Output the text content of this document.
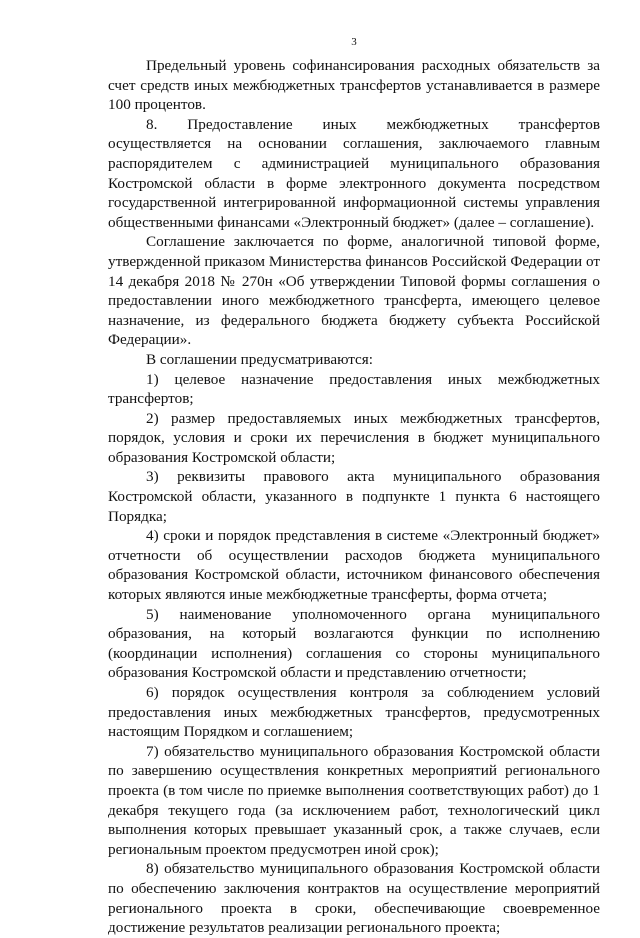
3

Предельный уровень софинансирования расходных обязательств за счет средств иных межбюджетных трансфертов устанавливается в размере 100 процентов.

8. Предоставление иных межбюджетных трансфертов осуществляется на основании соглашения, заключаемого главным распорядителем с администрацией муниципального образования Костромской области в форме электронного документа посредством государственной интегрированной информационной системы управления общественными финансами «Электронный бюджет» (далее – соглашение).

Соглашение заключается по форме, аналогичной типовой форме, утвержденной приказом Министерства финансов Российской Федерации от 14 декабря 2018 № 270н «Об утверждении Типовой формы соглашения о предоставлении иного межбюджетного трансферта, имеющего целевое назначение, из федерального бюджета бюджету субъекта Российской Федерации».

В соглашении предусматриваются:

1) целевое назначение предоставления иных межбюджетных трансфертов;

2) размер предоставляемых иных межбюджетных трансфертов, порядок, условия и сроки их перечисления в бюджет муниципального образования Костромской области;

3) реквизиты правового акта муниципального образования Костромской области, указанного в подпункте 1 пункта 6 настоящего Порядка;

4) сроки и порядок представления в системе «Электронный бюджет» отчетности об осуществлении расходов бюджета муниципального образования Костромской области, источником финансового обеспечения которых являются иные межбюджетные трансферты, форма отчета;

5) наименование уполномоченного органа муниципального образования, на который возлагаются функции по исполнению (координации исполнения) соглашения со стороны муниципального образования Костромской области и представлению отчетности;

6) порядок осуществления контроля за соблюдением условий предоставления иных межбюджетных трансфертов, предусмотренных настоящим Порядком и соглашением;

7) обязательство муниципального образования Костромской области по завершению осуществления конкретных мероприятий регионального проекта (в том числе по приемке выполнения соответствующих работ) до 1 декабря текущего года (за исключением работ, технологический цикл выполнения которых превышает указанный срок, а также случаев, если региональным проектом предусмотрен иной срок);

8) обязательство муниципального образования Костромской области по обеспечению заключения контрактов на осуществление мероприятий регионального проекта в сроки, обеспечивающие своевременное достижение результатов реализации регионального проекта;
